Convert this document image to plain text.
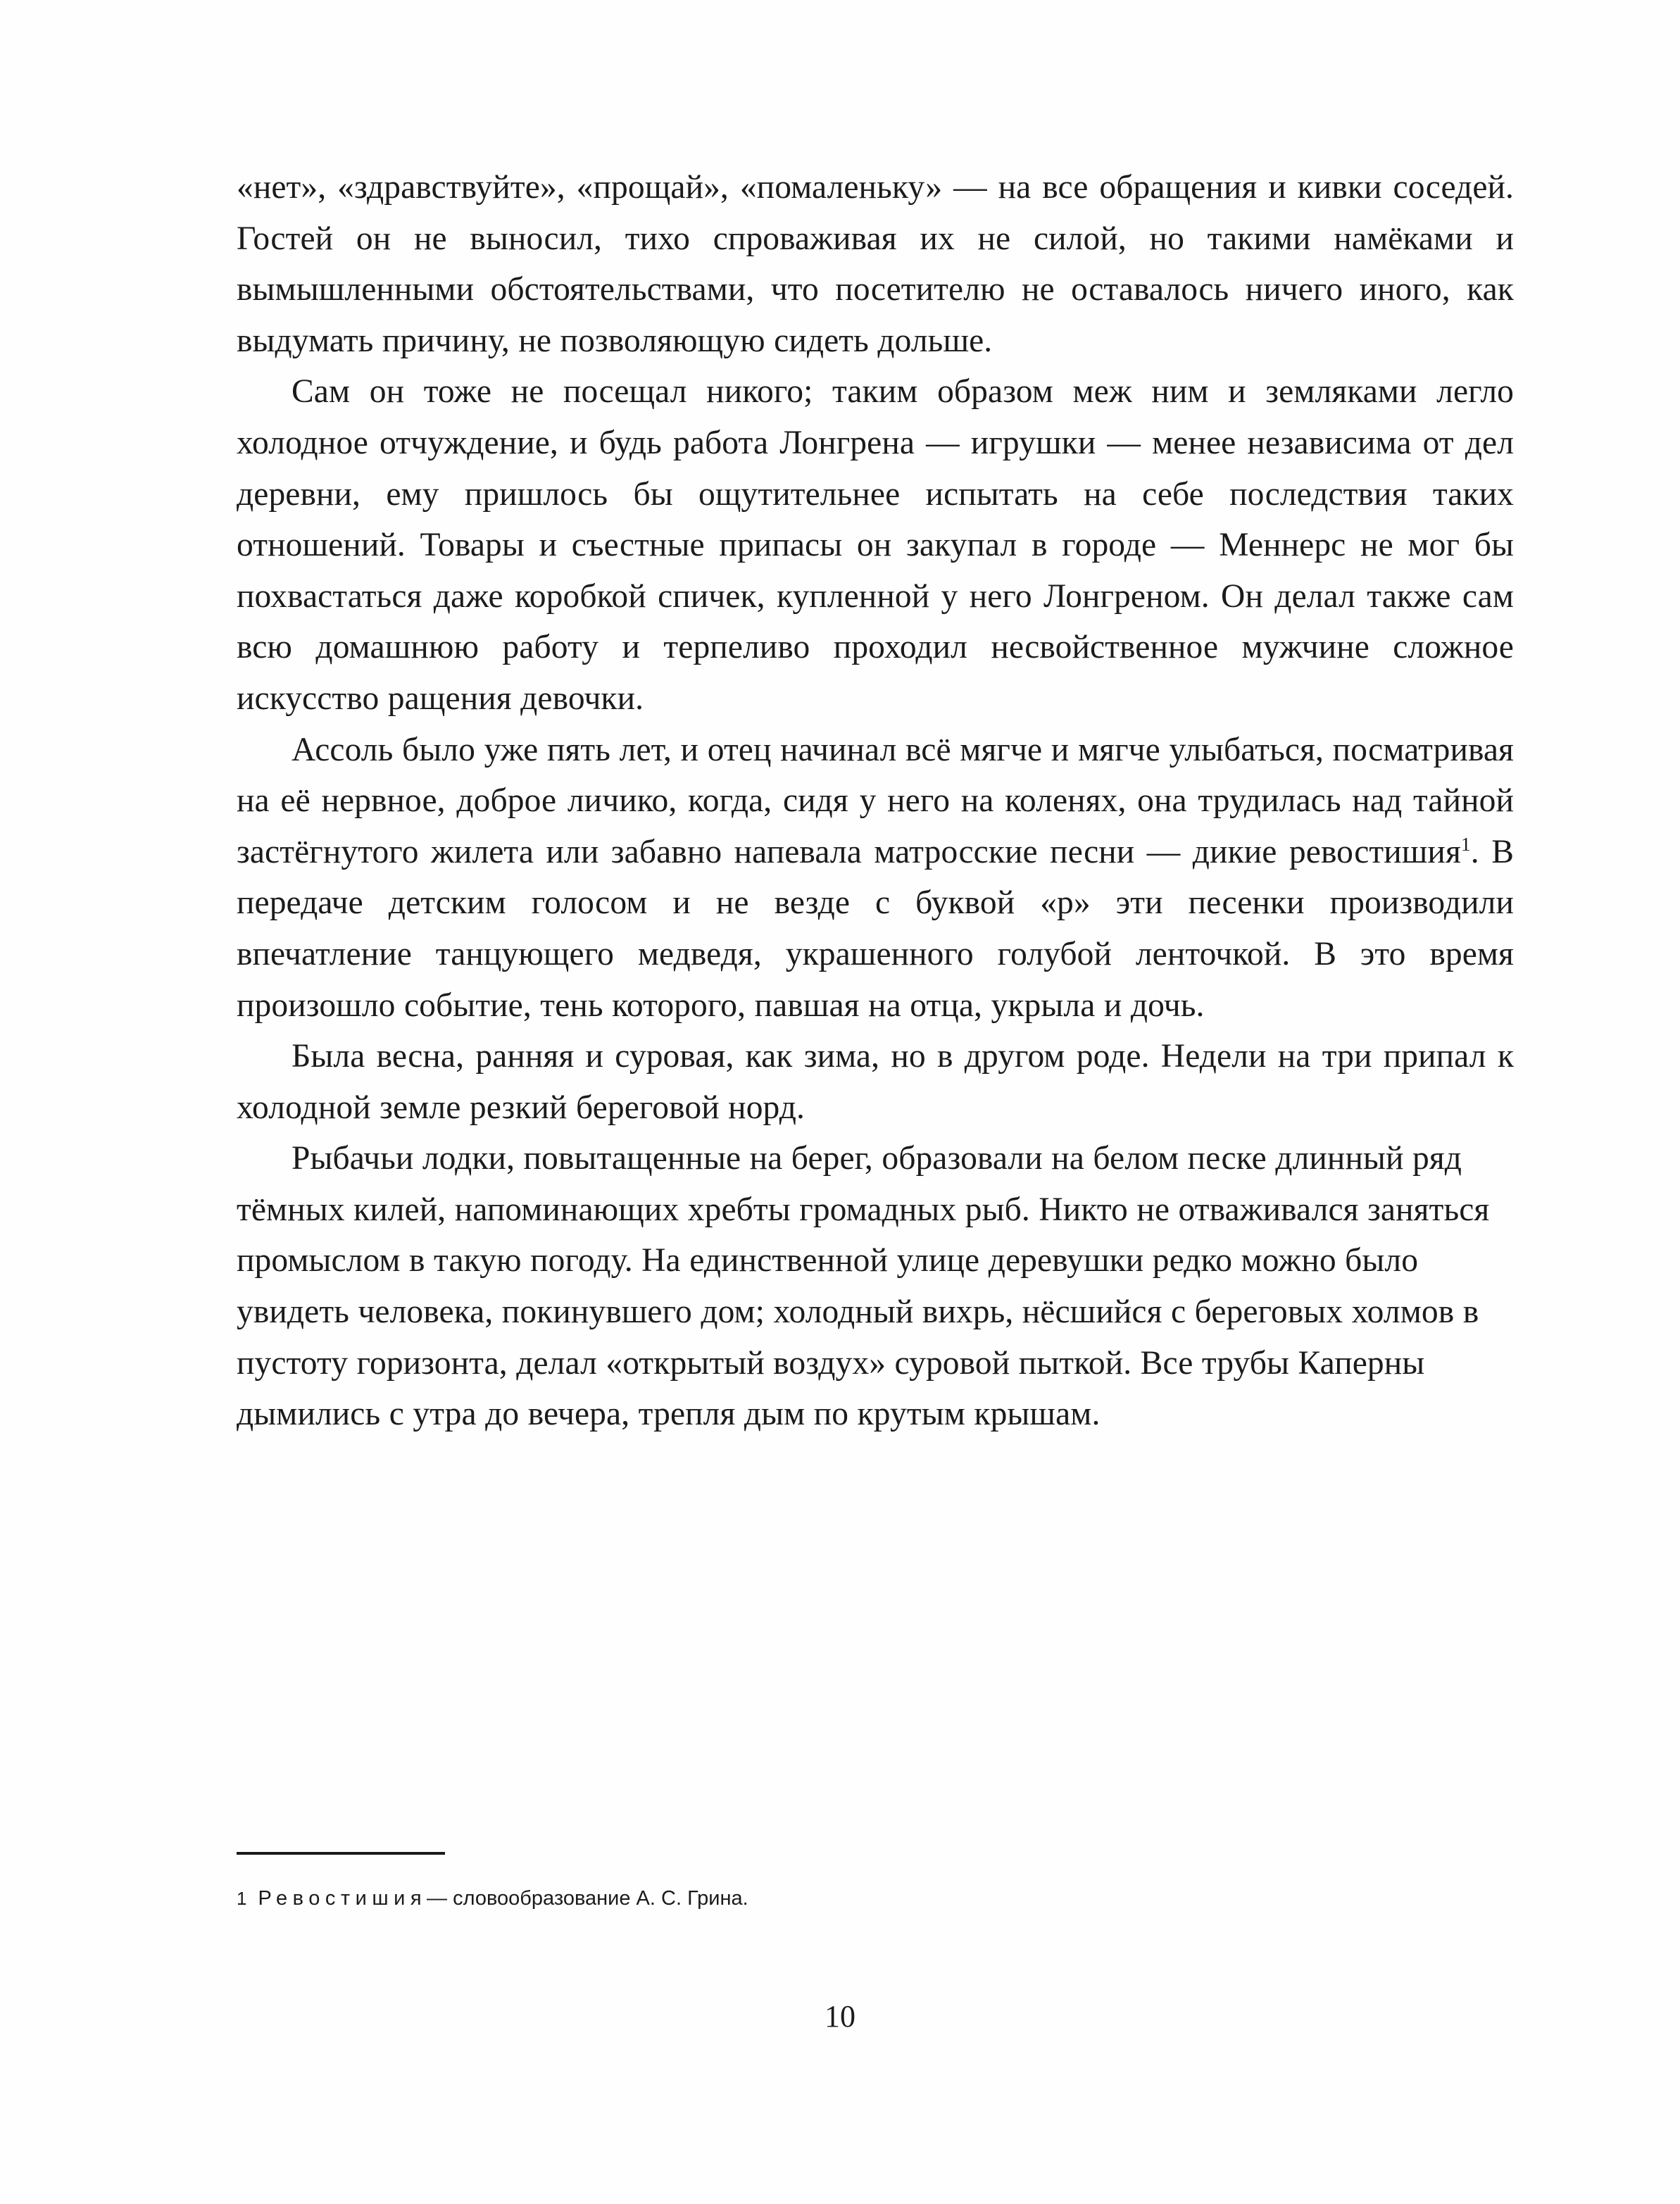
«нет», «здравствуйте», «прощай», «помаленьку» — на все обращения и кивки соседей. Гостей он не выносил, тихо спроваживая их не силой, но такими намёками и вымышленными обстоятельствами, что посетителю не оставалось ничего иного, как выдумать причину, не позволяющую сидеть дольше.

Сам он тоже не посещал никого; таким образом меж ним и земляками легло холодное отчуждение, и будь работа Лонгрена — игрушки — менее независима от дел деревни, ему пришлось бы ощутительнее испытать на себе последствия таких отношений. Товары и съестные припасы он закупал в городе — Меннерс не мог бы похвастаться даже коробкой спичек, купленной у него Лонгреном. Он делал также сам всю домашнюю работу и терпеливо проходил несвойственное мужчине сложное искусство ращения девочки.

Ассоль было уже пять лет, и отец начинал всё мягче и мягче улыбаться, посматривая на её нервное, доброе личико, когда, сидя у него на коленях, она трудилась над тайной застёгнутого жилета или забавно напевала матросские песни — дикие ревостишия$^1$. В передаче детским голосом и не везде с буквой «р» эти песенки производили впечатление танцующего медведя, украшенного голубой ленточкой. В это время произошло событие, тень которого, павшая на отца, укрыла и дочь.

Была весна, ранняя и суровая, как зима, но в другом роде. Недели на три припал к холодной земле резкий береговой норд.

Рыбачьи лодки, повытащенные на берег, образовали на белом песке длинный ряд тёмных килей, напоминающих хребты громадных рыб. Никто не отваживался заняться промыслом в такую погоду. На единственной улице деревушки редко можно было увидеть человека, покинувшего дом; холодный вихрь, нёсшийся с береговых холмов в пустоту горизонта, делал «открытый воздух» суровой пыткой. Все трубы Каперны дымились с утра до вечера, трепля дым по крутым крышам.

1 Ревостишия— словообразование А. С. Грина.
10
